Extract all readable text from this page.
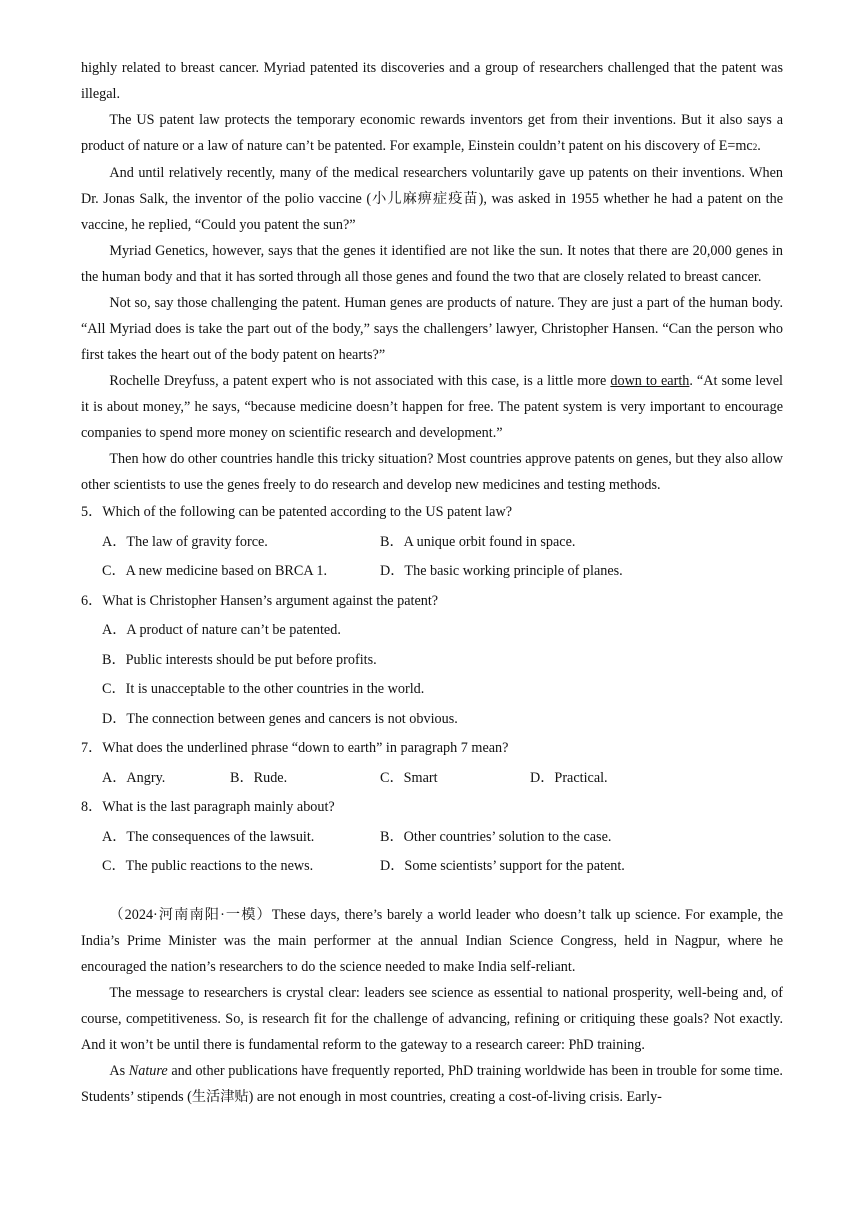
highly related to breast cancer. Myriad patented its discoveries and a group of researchers challenged that the patent was illegal.

The US patent law protects the temporary economic rewards inventors get from their inventions. But it also says a product of nature or a law of nature can’t be patented. For example, Einstein couldn’t patent on his discovery of E=mc2.

And until relatively recently, many of the medical researchers voluntarily gave up patents on their inventions. When Dr. Jonas Salk, the inventor of the polio vaccine (小儿麻痹症疫苗), was asked in 1955 whether he had a patent on the vaccine, he replied, “Could you patent the sun?”

Myriad Genetics, however, says that the genes it identified are not like the sun. It notes that there are 20,000 genes in the human body and that it has sorted through all those genes and found the two that are closely related to breast cancer.

Not so, say those challenging the patent. Human genes are products of nature. They are just a part of the human body. “All Myriad does is take the part out of the body,” says the challengers’ lawyer, Christopher Hansen. “Can the person who first takes the heart out of the body patent on hearts?”

Rochelle Dreyfuss, a patent expert who is not associated with this case, is a little more down to earth. “At some level it is about money,” he says, “because medicine doesn’t happen for free. The patent system is very important to encourage companies to spend more money on scientific research and development.”

Then how do other countries handle this tricky situation? Most countries approve patents on genes, but they also allow other scientists to use the genes freely to do research and develop new medicines and testing methods.

5．Which of the following can be patented according to the US patent law?

A．The law of gravity force.	B．A unique orbit found in space.
C．A new medicine based on BRCA 1.	D．The basic working principle of planes.

6．What is Christopher Hansen’s argument against the patent?

A．A product of nature can’t be patented.
B．Public interests should be put before profits.
C．It is unacceptable to the other countries in the world.
D．The connection between genes and cancers is not obvious.

7．What does the underlined phrase “down to earth” in paragraph 7 mean?

A．Angry.	B．Rude.	C．Smart	D．Practical.

8．What is the last paragraph mainly about?

A．The consequences of the lawsuit.	B．Other countries’ solution to the case.
C．The public reactions to the news.	D．Some scientists’ support for the patent.

（2024·河南南阳·一模）These days, there’s barely a world leader who doesn’t talk up science. For example, the India’s Prime Minister was the main performer at the annual Indian Science Congress, held in Nagpur, where he encouraged the nation’s researchers to do the science needed to make India self-reliant.

The message to researchers is crystal clear: leaders see science as essential to national prosperity, well-being and, of course, competitiveness. So, is research fit for the challenge of advancing, refining or critiquing these goals? Not exactly. And it won’t be until there is fundamental reform to the gateway to a research career: PhD training.

As Nature and other publications have frequently reported, PhD training worldwide has been in trouble for some time. Students’ stipends (生活津贴) are not enough in most countries, creating a cost-of-living crisis. Early-
